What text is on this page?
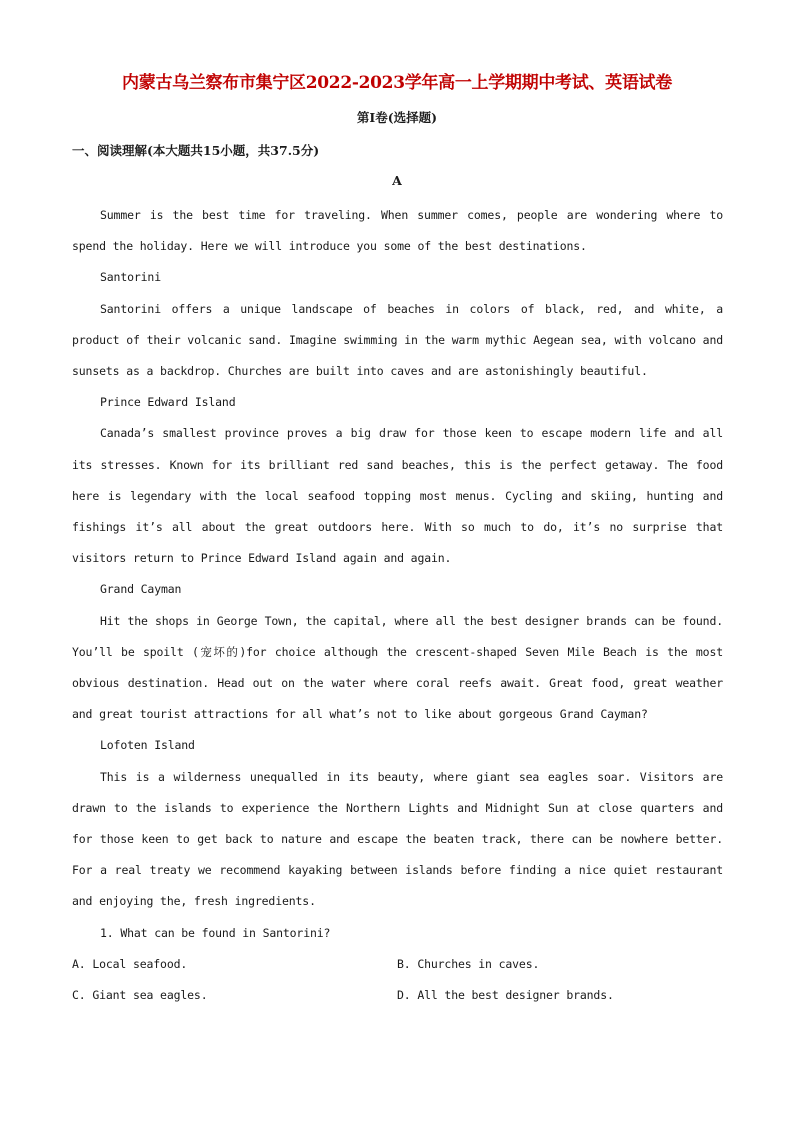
内蒙古乌兰察布市集宁区2022-2023学年高一上学期期中考试、英语试卷
第I卷(选择题)
一、阅读理解(本大题共15小题，共37.5分)
A

Summer is the best time for traveling. When summer comes, people are wondering where to spend the holiday. Here we will introduce you some of the best destinations.

Santorini

Santorini offers a unique landscape of beaches in colors of black, red, and white, a product of their volcanic sand. Imagine swimming in the warm mythic Aegean sea, with volcano and sunsets as a backdrop. Churches are built into caves and are astonishingly beautiful.

Prince Edward Island

Canada’s smallest province proves a big draw for those keen to escape modern life and all its stresses. Known for its brilliant red sand beaches, this is the perfect getaway. The food here is legendary with the local seafood topping most menus. Cycling and skiing, hunting and fishings it’s all about the great outdoors here. With so much to do, it’s no surprise that visitors return to Prince Edward Island again and again.

Grand Cayman

Hit the shops in George Town, the capital, where all the best designer brands can be found. You’ll be spoilt (宠坏的)for choice although the crescent-shaped Seven Mile Beach is the most obvious destination. Head out on the water where coral reefs await. Great food, great weather and great tourist attractions for all what’s not to like about gorgeous Grand Cayman?

Lofoten Island

This is a wilderness unequalled in its beauty, where giant sea eagles soar. Visitors are drawn to the islands to experience the Northern Lights and Midnight Sun at close quarters and for those keen to get back to nature and escape the beaten track, there can be nowhere better. For a real treaty we recommend kayaking between islands before finding a nice quiet restaurant and enjoying the, fresh ingredients.

1. What can be found in Santorini?

A. Local seafood.	B. Churches in caves.
C. Giant sea eagles.	D. All the best designer brands.
